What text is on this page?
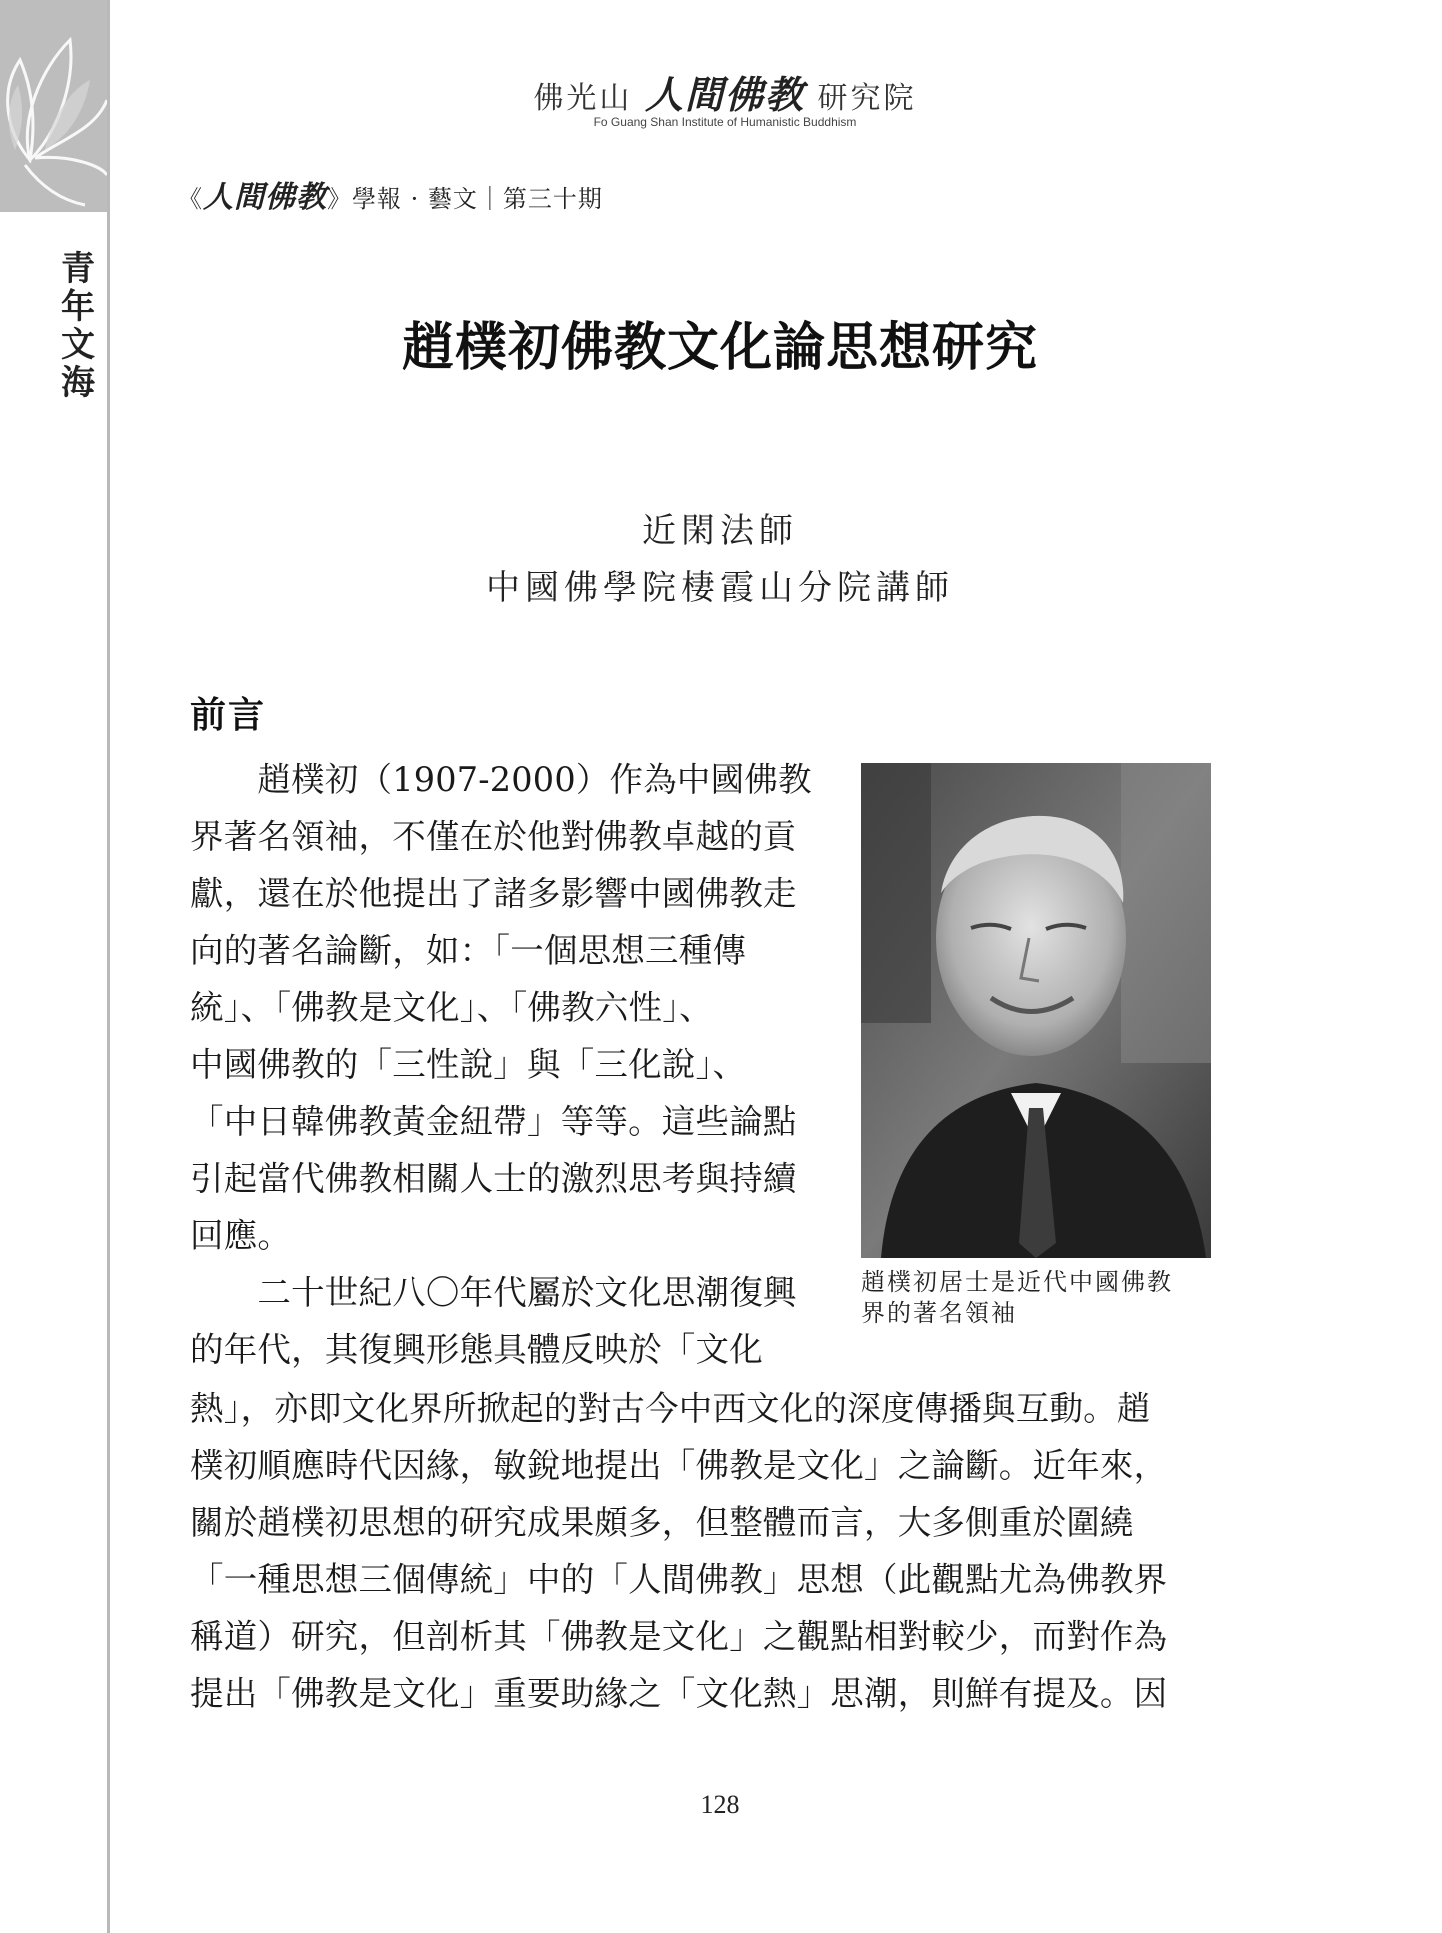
青
年
文
海
佛光山 人間佛教 研究院
Fo Guang Shan Institute of Humanistic Buddhism
《人間佛教》學報 · 藝文｜第三十期
趙樸初佛教文化論思想研究
近閑法師
中國佛學院棲霞山分院講師
前言
　　趙樸初（1907-2000）作為中國佛教
界著名領袖，不僅在於他對佛教卓越的貢
獻，還在於他提出了諸多影響中國佛教走
向的著名論斷，如：「一個思想三種傳
統」、「佛教是文化」、「佛教六性」、
中國佛教的「三性說」與「三化說」、
「中日韓佛教黃金紐帶」等等。這些論點
引起當代佛教相關人士的激烈思考與持續
回應。
　　二十世紀八〇年代屬於文化思潮復興
的年代，其復興形態具體反映於「文化
熱」，亦即文化界所掀起的對古今中西文化的深度傳播與互動。趙
樸初順應時代因緣，敏銳地提出「佛教是文化」之論斷。近年來，
關於趙樸初思想的研究成果頗多，但整體而言，大多側重於圍繞
「一種思想三個傳統」中的「人間佛教」思想（此觀點尤為佛教界
稱道）研究，但剖析其「佛教是文化」之觀點相對較少，而對作為
提出「佛教是文化」重要助緣之「文化熱」思潮，則鮮有提及。因
趙樸初居士是近代中國佛教
界的著名領袖
128
